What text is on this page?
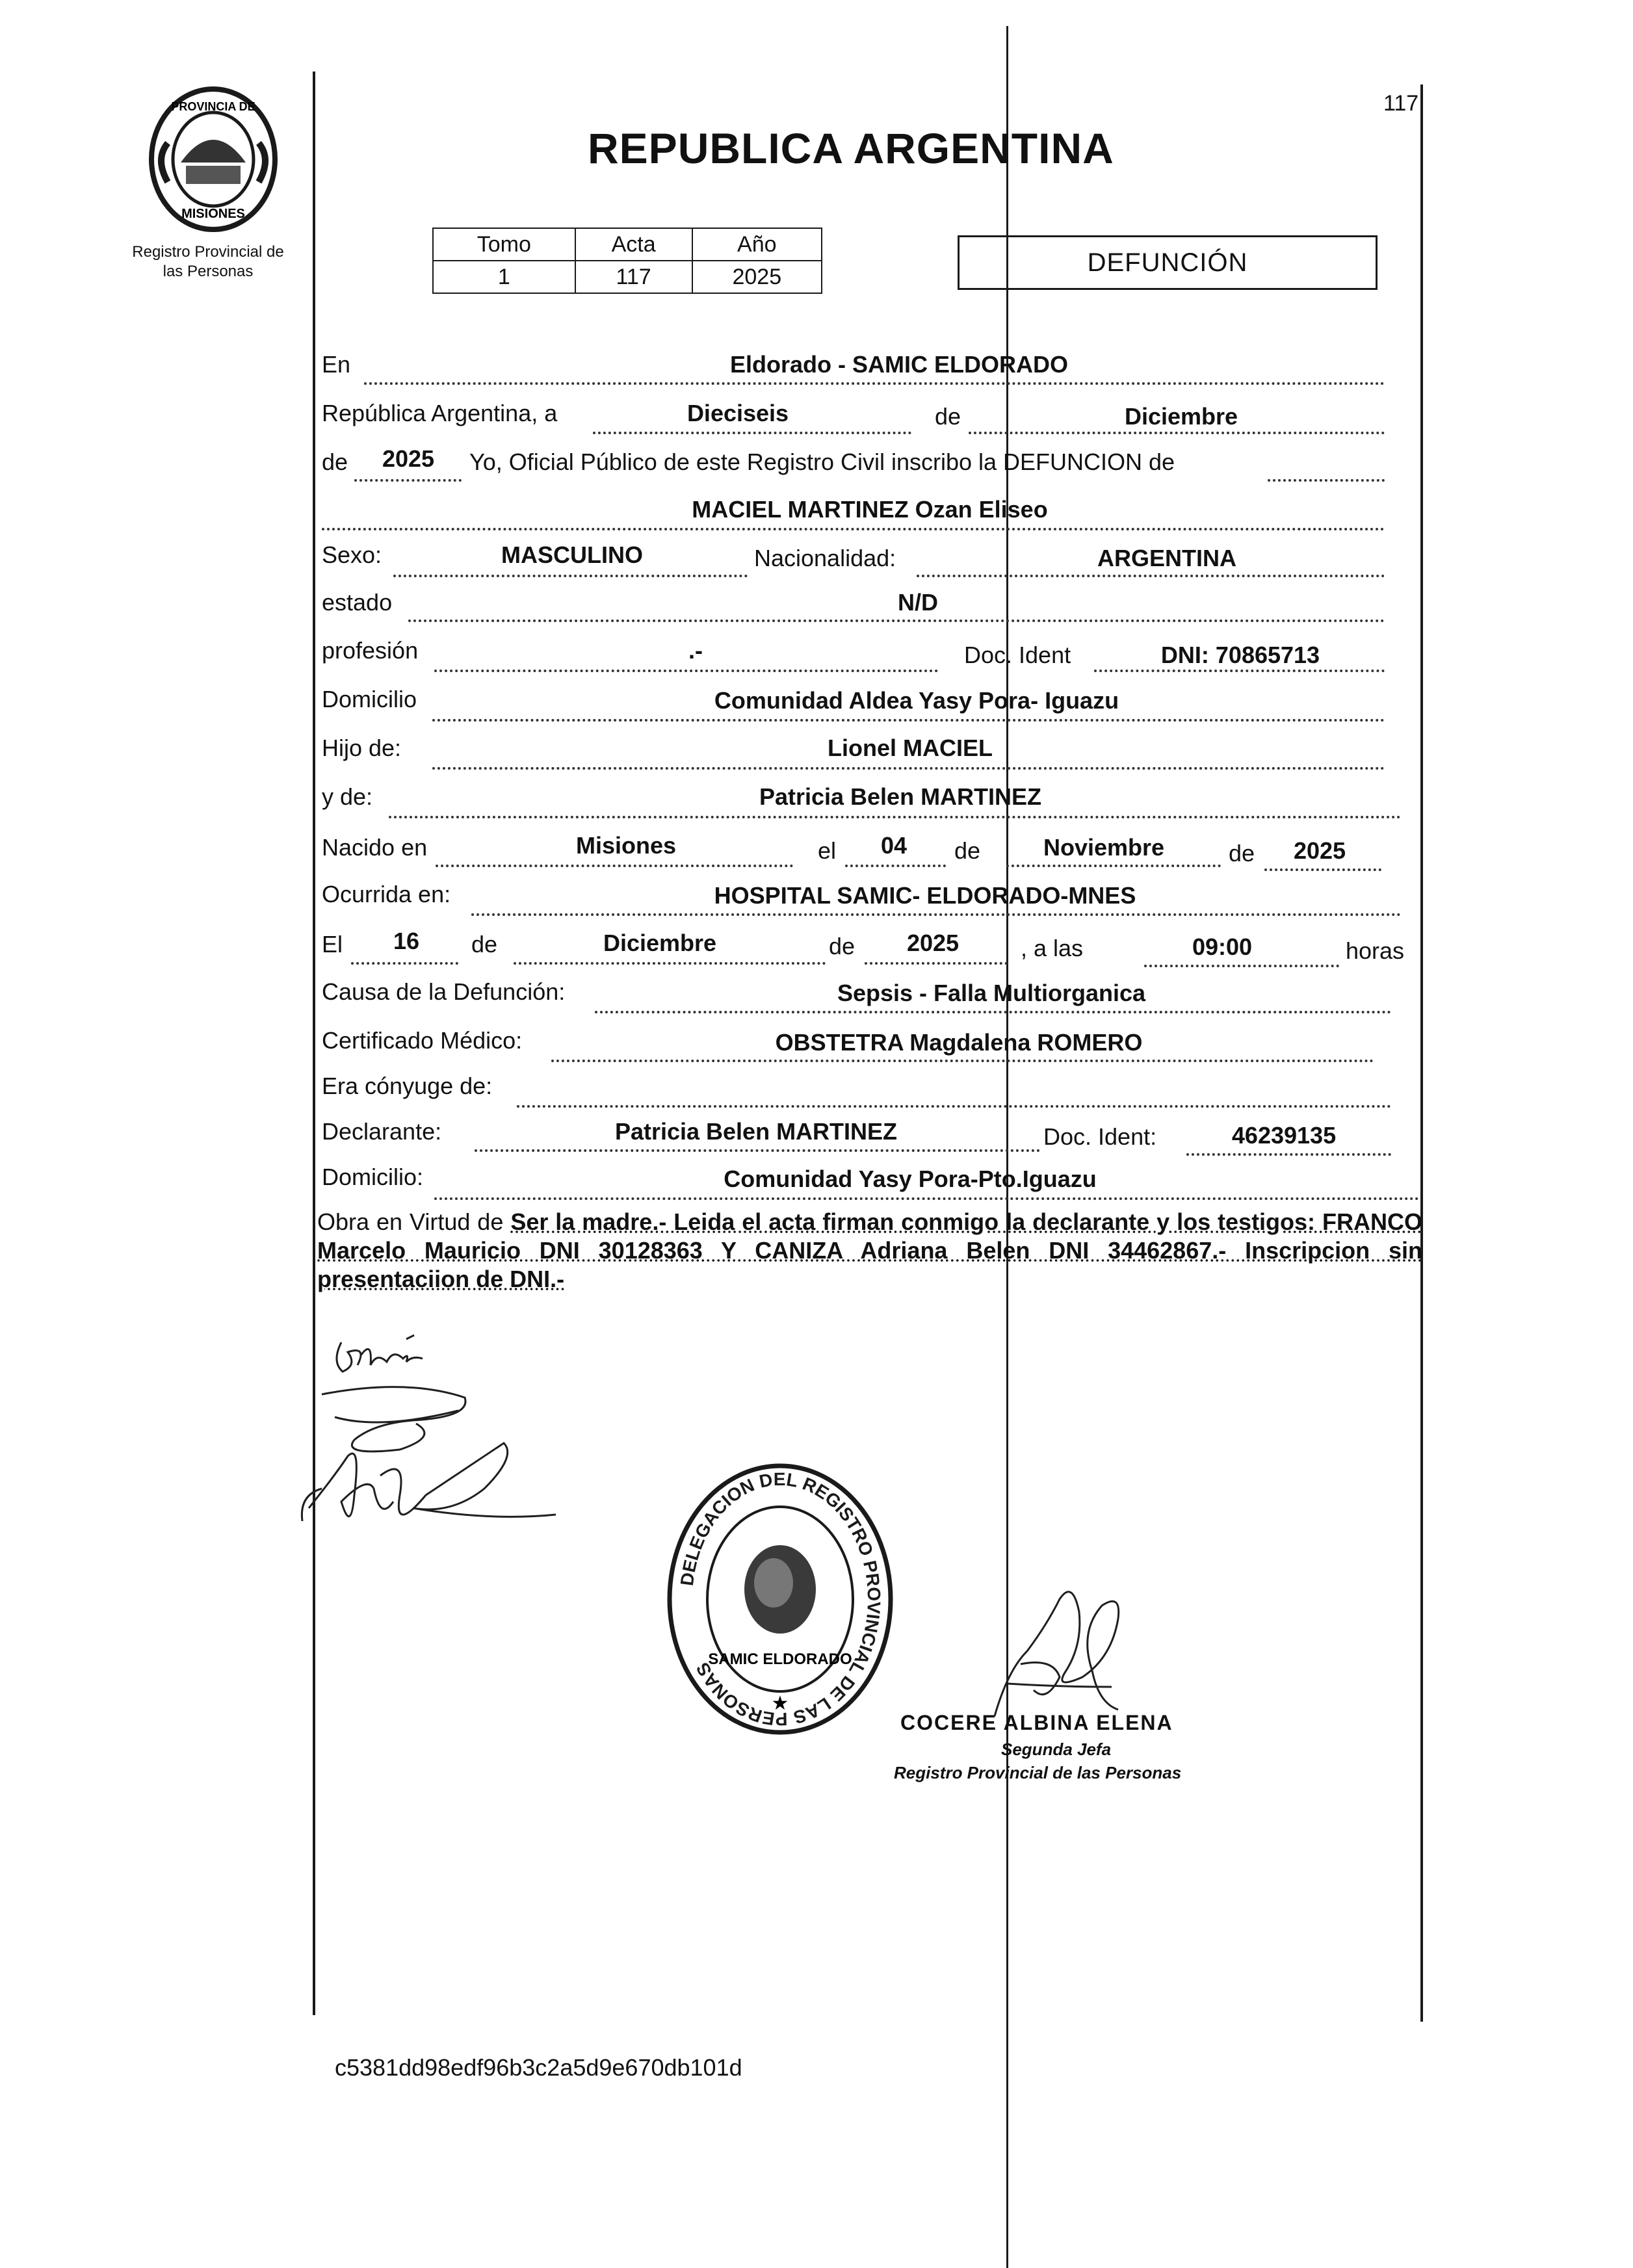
117
PROVINCIA DE
MISIONES
Registro Provincial de
las Personas
REPUBLICA ARGENTINA
Tomo	Acta	Año
1	117	2025	DEFUNCIÓN
En	Eldorado - SAMIC ELDORADO
República Argentina, a	Dieciseis	de	Diciembre
de 2025 Yo, Oficial Público de este Registro Civil inscribo la DEFUNCION de
MACIEL MARTINEZ Ozan Eliseo
Sexo:	MASCULINO	Nacionalidad:	ARGENTINA
estado	N/D
profesión	.-	Doc. Ident	DNI: 70865713
Domicilio	Comunidad Aldea Yasy Pora- Iguazu
Hijo de:	Lionel MACIEL
y de:	Patricia Belen MARTINEZ
Nacido en	Misiones	el 04 de	Noviembre	de 2025
Ocurrida en:	HOSPITAL SAMIC- ELDORADO-MNES
El 16 de	Diciembre	de 2025	, a las	09:00	horas
Causa de la Defunción:	Sepsis - Falla Multiorganica
Certificado Médico:	OBSTETRA Magdalena ROMERO
Era cónyuge de:
Declarante:	Patricia Belen MARTINEZ	Doc. Ident:	46239135
Domicilio:	Comunidad Yasy Pora-Pto.Iguazu
Obra en Virtud de Ser la madre.- Leida el acta firman conmigo la declarante y los testigos: FRANCO Marcelo Mauricio DNI 30128363 Y CANIZA Adriana Belen DNI 34462867.- Inscripcion sin presentaciion de DNI.-
DELEGACION DEL REGISTRO PROVINCIAL DE LAS PERSONAS
SAMIC ELDORADO
★
COCERE ALBINA ELENA
Segunda Jefa
Registro Provincial de las Personas
c5381dd98edf96b3c2a5d9e670db101d
